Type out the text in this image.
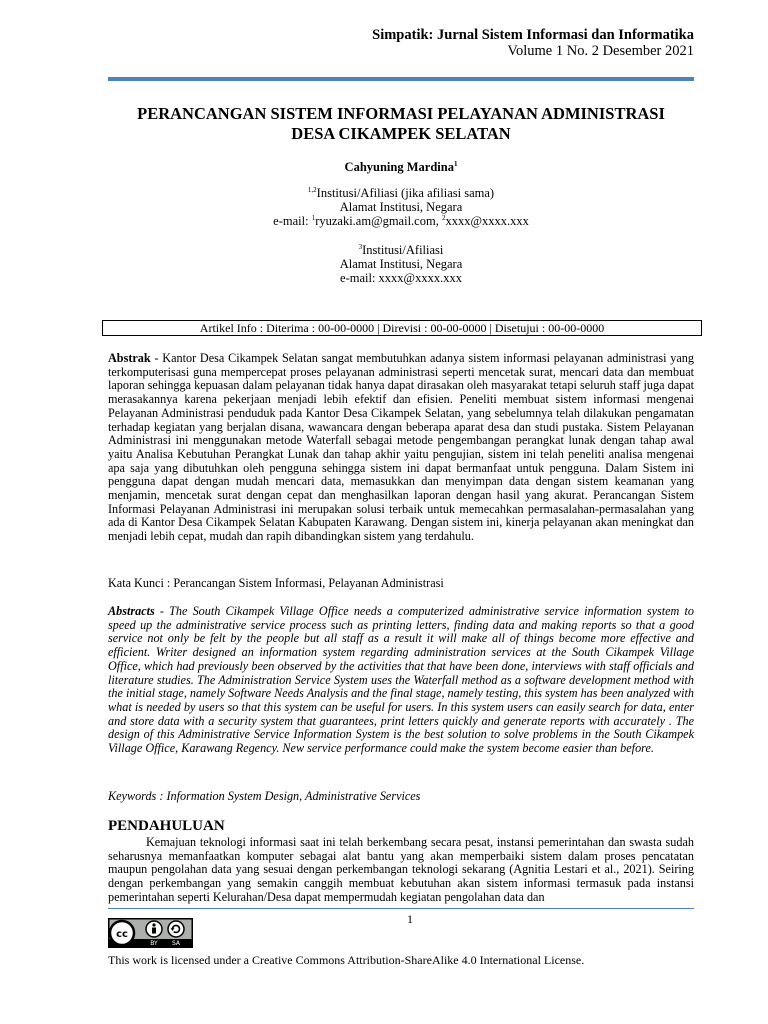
Simpatik: Jurnal Sistem Informasi dan Informatika
Volume 1 No. 2 Desember 2021
PERANCANGAN SISTEM INFORMASI PELAYANAN ADMINISTRASI
DESA CIKAMPEK SELATAN
Cahyuning Mardina$^1$
$^{1,2}$Institusi/Afiliasi (jika afiliasi sama)
Alamat Institusi, Negara
e-mail: $^1$ryuzaki.am@gmail.com, $^2$xxxx@xxxx.xxx
$^3$Institusi/Afiliasi
Alamat Institusi, Negara
e-mail: xxxx@xxxx.xxx
Artikel Info : Diterima : 00-00-0000 | Direvisi : 00-00-0000 | Disetujui : 00-00-0000
Abstrak - Kantor Desa Cikampek Selatan sangat membutuhkan adanya sistem informasi pelayanan administrasi yang terkomputerisasi guna mempercepat proses pelayanan administrasi seperti mencetak surat, mencari data dan membuat laporan sehingga kepuasan dalam pelayanan tidak hanya dapat dirasakan oleh masyarakat tetapi seluruh staff juga dapat merasakannya karena pekerjaan menjadi lebih efektif dan efisien. Peneliti membuat sistem informasi mengenai Pelayanan Administrasi penduduk pada Kantor Desa Cikampek Selatan, yang sebelumnya telah dilakukan pengamatan terhadap kegiatan yang berjalan disana, wawancara dengan beberapa aparat desa dan studi pustaka. Sistem Pelayanan Administrasi ini menggunakan metode Waterfall sebagai metode pengembangan perangkat lunak dengan tahap awal yaitu Analisa Kebutuhan Perangkat Lunak dan tahap akhir yaitu pengujian, sistem ini telah peneliti analisa mengenai apa saja yang dibutuhkan oleh pengguna sehingga sistem ini dapat bermanfaat untuk pengguna. Dalam Sistem ini pengguna dapat dengan mudah mencari data, memasukkan dan menyimpan data dengan sistem keamanan yang menjamin, mencetak surat dengan cepat dan menghasilkan laporan dengan hasil yang akurat. Perancangan Sistem Informasi Pelayanan Administrasi ini merupakan solusi terbaik untuk memecahkan permasalahan-permasalahan yang ada di Kantor Desa Cikampek Selatan Kabupaten Karawang. Dengan sistem ini, kinerja pelayanan akan meningkat dan menjadi lebih cepat, mudah dan rapih dibandingkan sistem yang terdahulu.
Kata Kunci : Perancangan Sistem Informasi, Pelayanan Administrasi
Abstracts - The South Cikampek Village Office needs a computerized administrative service information system to speed up the administrative service process such as printing letters, finding data and making reports so that a good service not only be felt by the people but all staff as a result it will make all of things become more effective and efficient. Writer designed an information system regarding administration services at the South Cikampek Village Office, which had previously been observed by the activities that that have been done, interviews with staff officials and literature studies. The Administration Service System uses the Waterfall method as a software development method with the initial stage, namely Software Needs Analysis and the final stage, namely testing, this system has been analyzed with what is needed by users so that this system can be useful for users. In this system users can easily search for data, enter and store data with a security system that guarantees, print letters quickly and generate reports with accurately . The design of this Administrative Service Information System is the best solution to solve problems in the South Cikampek Village Office, Karawang Regency. New service performance could make the system become easier than before.
Keywords : Information System Design, Administrative Services
PENDAHULUAN
Kemajuan teknologi informasi saat ini telah berkembang secara pesat, instansi pemerintahan dan swasta sudah seharusnya memanfaatkan komputer sebagai alat bantu yang akan memperbaiki sistem dalam proses pencatatan maupun pengolahan data yang sesuai dengan perkembangan teknologi sekarang (Agnitia Lestari et al., 2021). Seiring dengan perkembangan yang semakin canggih membuat kebutuhan akan sistem informasi termasuk pada instansi pemerintahan seperti Kelurahan/Desa dapat mempermudah kegiatan pengolahan data dan
1
cc
BY SA
This work is licensed under a Creative Commons Attribution-ShareAlike 4.0 International License.
